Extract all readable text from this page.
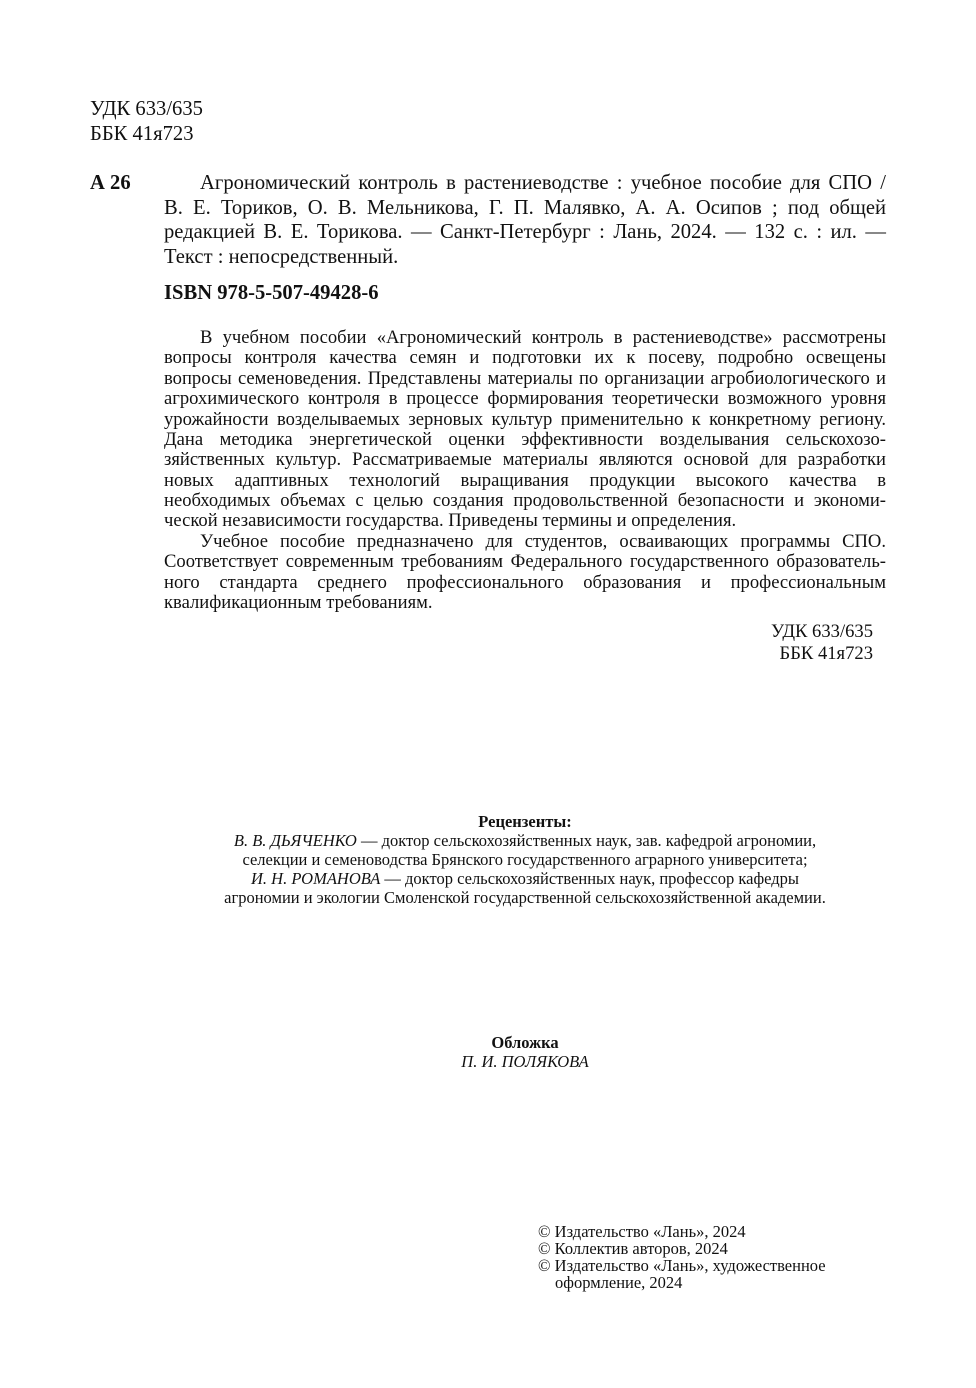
УДК 633/635
ББК 41я723
А 26	Агрономический контроль в растениеводстве : учебное пособие для СПО /
В. Е. Ториков, О. В. Мельникова, Г. П. Малявко, А. А. Осипов ; под общей
редакцией В. Е. Торикова. — Санкт-Петербург : Лань, 2024. — 132 с. : ил. —
Текст : непосредственный.
ISBN 978-5-507-49428-6
В учебном пособии «Агрономический контроль в растениеводстве» рассмотрены
вопросы контроля качества семян и подготовки их к посеву, подробно освещены
вопросы семеноведения. Представлены материалы по организации агробиологического и
агрохимического контроля в процессе формирования теоретически возможного уровня
урожайности возделываемых зерновых культур применительно к конкретному региону.
Дана методика энергетической оценки эффективности возделывания сельскохозо-
зяйственных культур. Рассматриваемые материалы являются основой для разработки
новых адаптивных технологий выращивания продукции высокого качества в
необходимых объемах с целью создания продовольственной безопасности и экономи-
ческой независимости государства. Приведены термины и определения.
Учебное пособие предназначено для студентов, осваивающих программы СПО.
Соответствует современным требованиям Федерального государственного образователь-
ного стандарта среднего профессионального образования и профессиональным
квалификационным требованиям.
УДК 633/635
ББК 41я723
Рецензенты:
В. В. ДЬЯЧЕНКО — доктор сельскохозяйственных наук, зав. кафедрой агрономии,
селекции и семеноводства Брянского государственного аграрного университета;
И. Н. РОМАНОВА — доктор сельскохозяйственных наук, профессор кафедры
агрономии и экологии Смоленской государственной сельскохозяйственной академии.
Обложка
П. И. ПОЛЯКОВА
© Издательство «Лань», 2024
© Коллектив авторов, 2024
© Издательство «Лань», художественное
оформление, 2024
